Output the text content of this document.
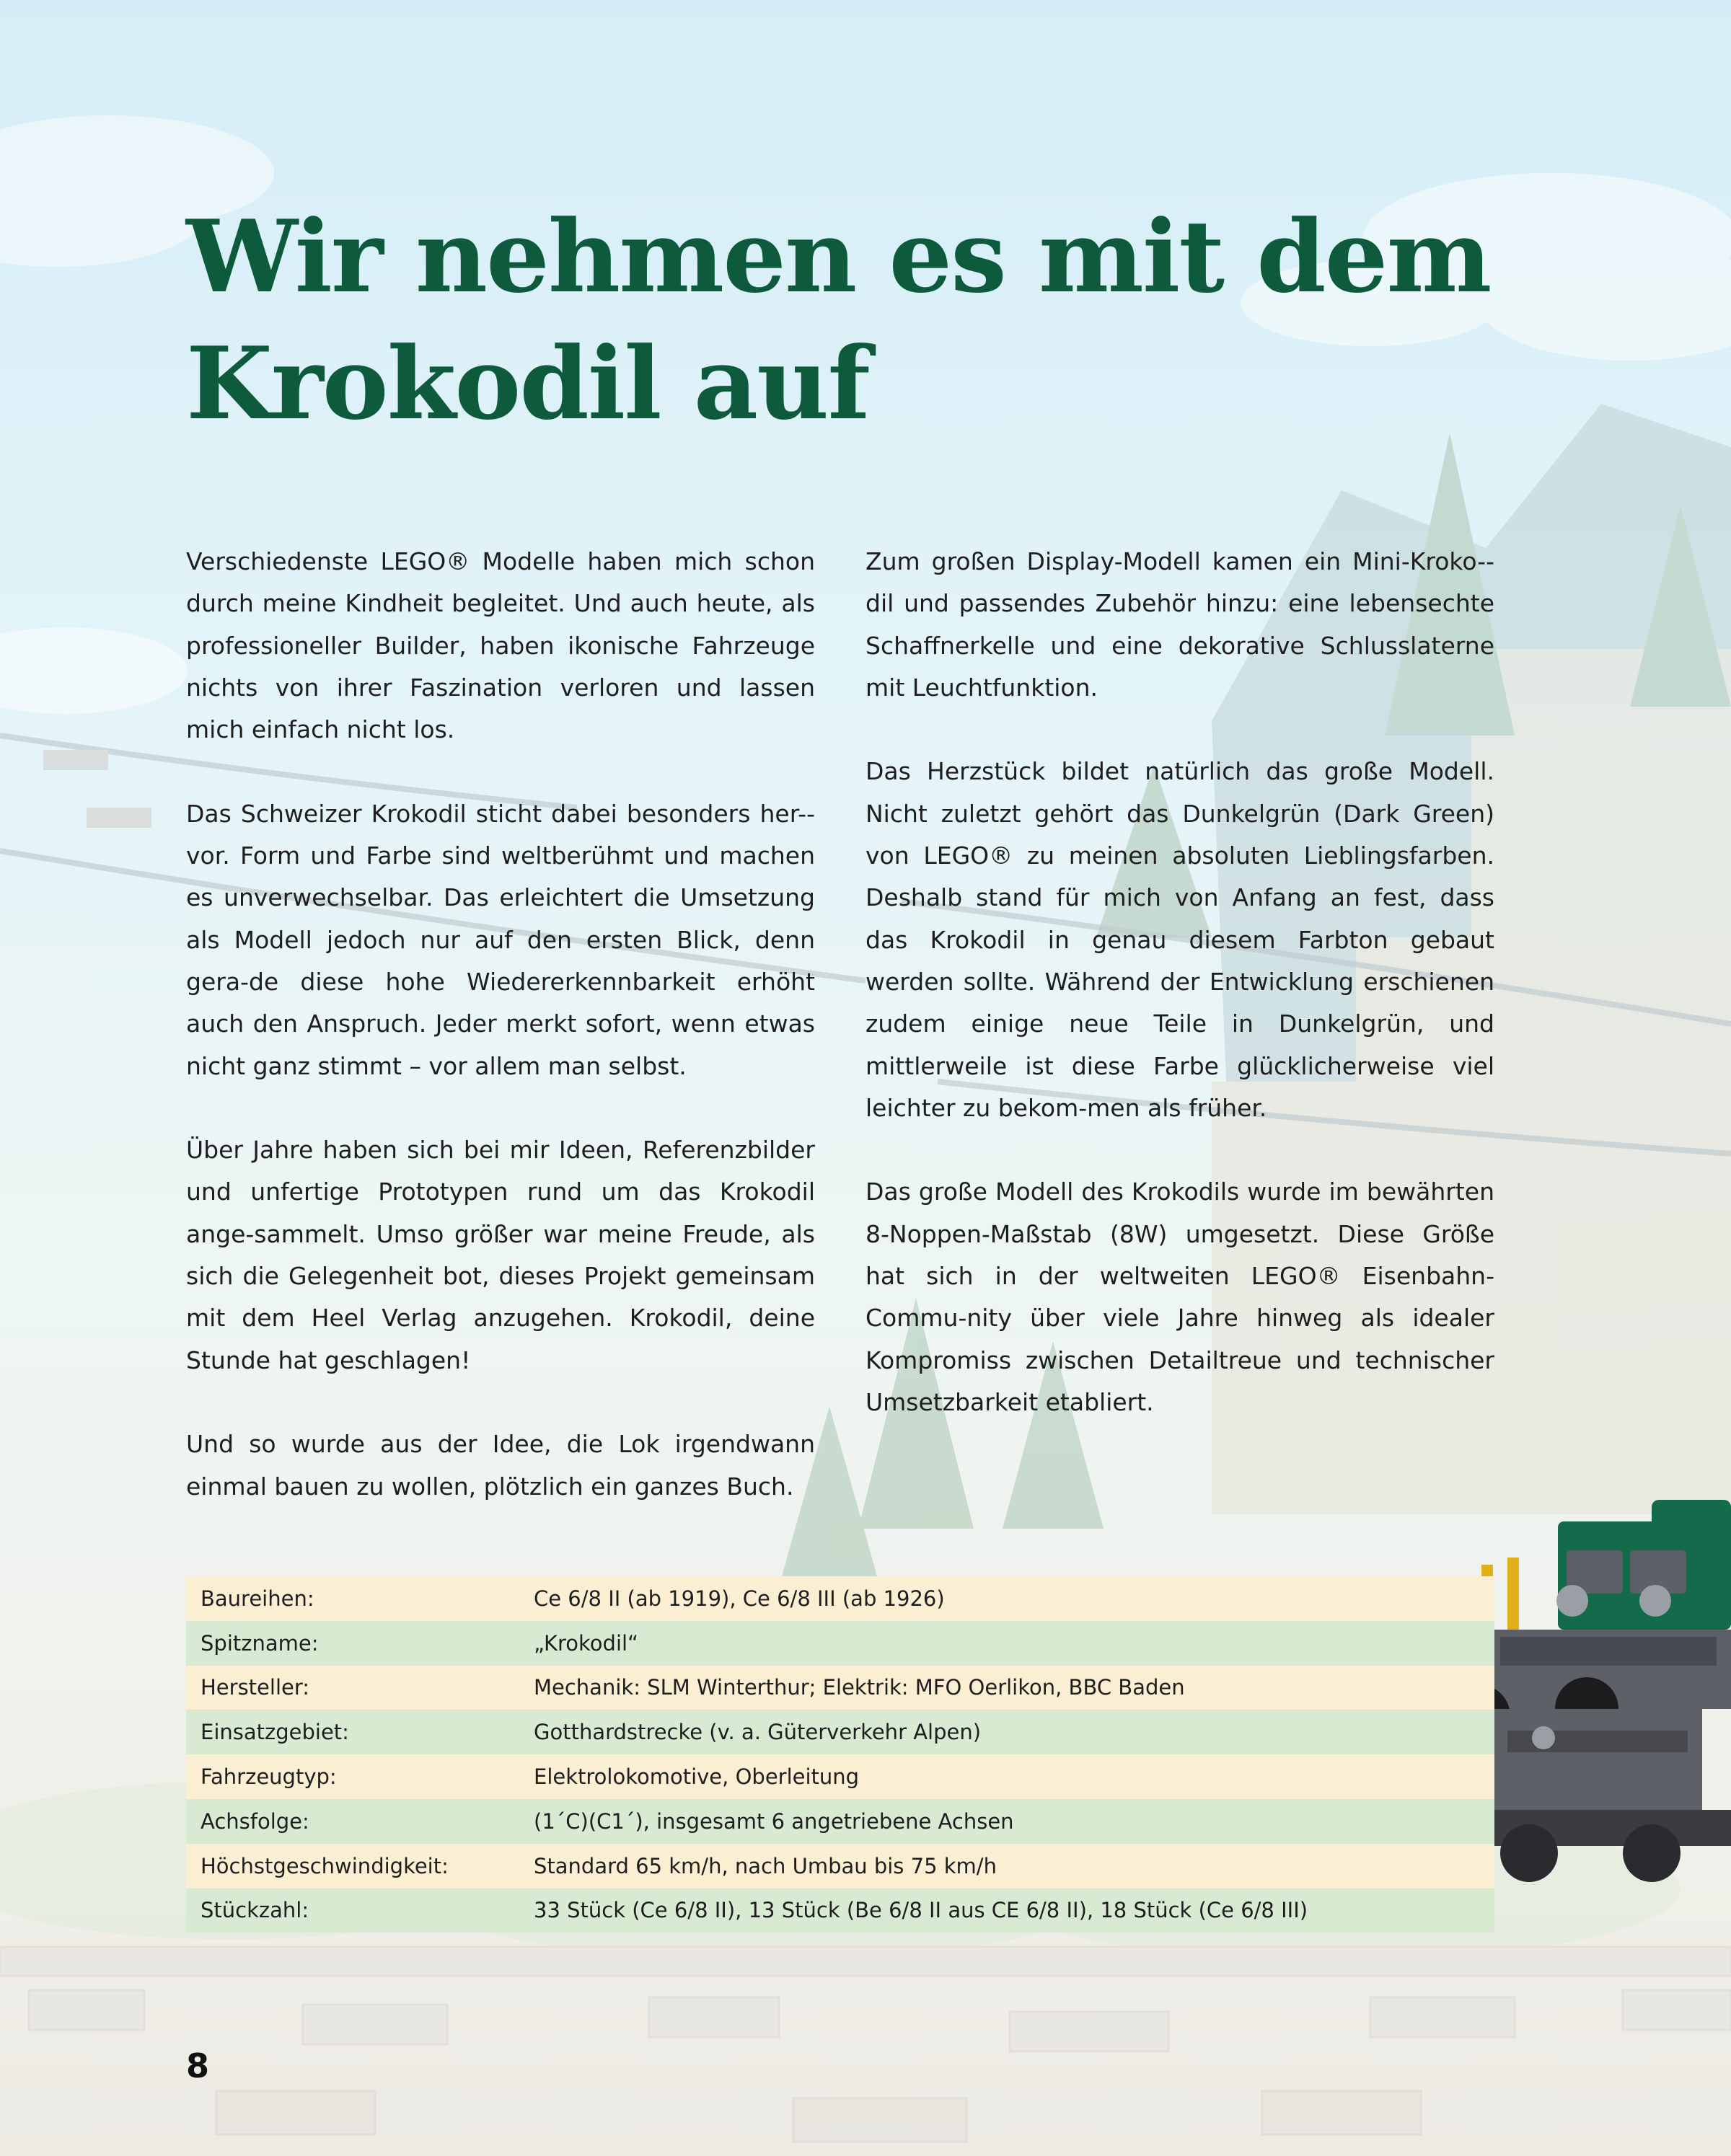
Wir nehmen es mit dem
Krokodil auf

Verschiedenste LEGO® Modelle haben mich schon durch meine Kindheit begleitet. Und auch heute, als professioneller Builder, haben ikonische Fahrzeuge nichts von ihrer Faszination verloren und lassen mich einfach nicht los.

Das Schweizer Krokodil sticht dabei besonders her-vor. Form und Farbe sind weltberühmt und machen es unverwechselbar. Das erleichtert die Umsetzung als Modell jedoch nur auf den ersten Blick, denn gera-de diese hohe Wiedererkennbarkeit erhöht auch den Anspruch. Jeder merkt sofort, wenn etwas nicht ganz stimmt – vor allem man selbst.

Über Jahre haben sich bei mir Ideen, Referenzbilder und unfertige Prototypen rund um das Krokodil ange-sammelt. Umso größer war meine Freude, als sich die Gelegenheit bot, dieses Projekt gemeinsam mit dem Heel Verlag anzugehen. Krokodil, deine Stunde hat geschlagen!

Und so wurde aus der Idee, die Lok irgendwann einmal bauen zu wollen, plötzlich ein ganzes Buch.

Zum großen Display-Modell kamen ein Mini-Kroko-dil und passendes Zubehör hinzu: eine lebensechte Schaffnerkelle und eine dekorative Schlusslaterne mit Leuchtfunktion.

Das Herzstück bildet natürlich das große Modell. Nicht zuletzt gehört das Dunkelgrün (Dark Green) von LEGO® zu meinen absoluten Lieblingsfarben. Deshalb stand für mich von Anfang an fest, dass das Krokodil in genau diesem Farbton gebaut werden sollte. Während der Entwicklung erschienen zudem einige neue Teile in Dunkelgrün, und mittlerweile ist diese Farbe glücklicherweise viel leichter zu bekom-men als früher.

Das große Modell des Krokodils wurde im bewährten 8-Noppen-Maßstab (8W) umgesetzt. Diese Größe hat sich in der weltweiten LEGO® Eisenbahn-Commu-nity über viele Jahre hinweg als idealer Kompromiss zwischen Detailtreue und technischer Umsetzbarkeit etabliert.

Baureihen:	Ce 6/8 II (ab 1919), Ce 6/8 III (ab 1926)
Spitzname:	„Krokodil“
Hersteller:	Mechanik: SLM Winterthur; Elektrik: MFO Oerlikon, BBC Baden
Einsatzgebiet:	Gotthardstrecke (v. a. Güterverkehr Alpen)
Fahrzeugtyp:	Elektrolokomotive, Oberleitung
Achsfolge:	(1´C)(C1´), insgesamt 6 angetriebene Achsen
Höchstgeschwindigkeit:	Standard 65 km/h, nach Umbau bis 75 km/h
Stückzahl:	33 Stück (Ce 6/8 II), 13 Stück (Be 6/8 II aus CE 6/8 II), 18 Stück (Ce 6/8 III)
8
